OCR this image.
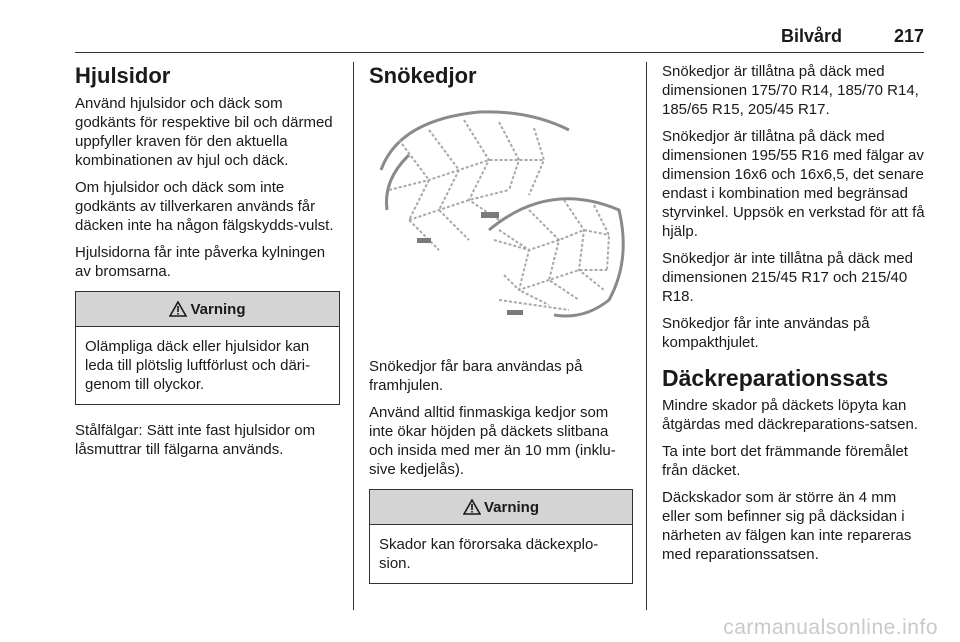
Bilvård	217
Hjulsidor

Använd hjulsidor och däck som godkänts för respektive bil och därmed uppfyller kraven för den aktuella kombinationen av hjul och däck.

Om hjulsidor och däck som inte godkänts av tillverkaren används får däcken inte ha någon fälgskydds-vulst.

Hjulsidorna får inte påverka kylningen av bromsarna.

Varning
Olämpliga däck eller hjulsidor kan leda till plötslig luftförlust och däri-genom till olyckor.

Stålfälgar: Sätt inte fast hjulsidor om låsmuttrar till fälgarna används.

Snökedjor

Snökedjor får bara användas på framhjulen.

Använd alltid finmaskiga kedjor som inte ökar höjden på däckets slitbana och insida med mer än 10 mm (inklu-sive kedjelås).

Varning
Skador kan förorsaka däckexplo-sion.

Snökedjor är tillåtna på däck med dimensionen 175/70 R14, 185/70 R14, 185/65 R15, 205/45 R17.

Snökedjor är tillåtna på däck med dimensionen 195/55 R16 med fälgar av dimension 16x6 och 16x6,5, det senare endast i kombination med begränsad styrvinkel. Uppsök en verkstad för att få hjälp.

Snökedjor är inte tillåtna på däck med dimensionen 215/45 R17 och 215/40 R18.

Snökedjor får inte användas på kompakthjulet.

Däckreparationssats

Mindre skador på däckets löpyta kan åtgärdas med däckreparations-satsen.

Ta inte bort det främmande föremålet från däcket.

Däckskador som är större än 4 mm eller som befinner sig på däcksidan i närheten av fälgen kan inte repareras med reparationssatsen.

carmanualsonline.info
